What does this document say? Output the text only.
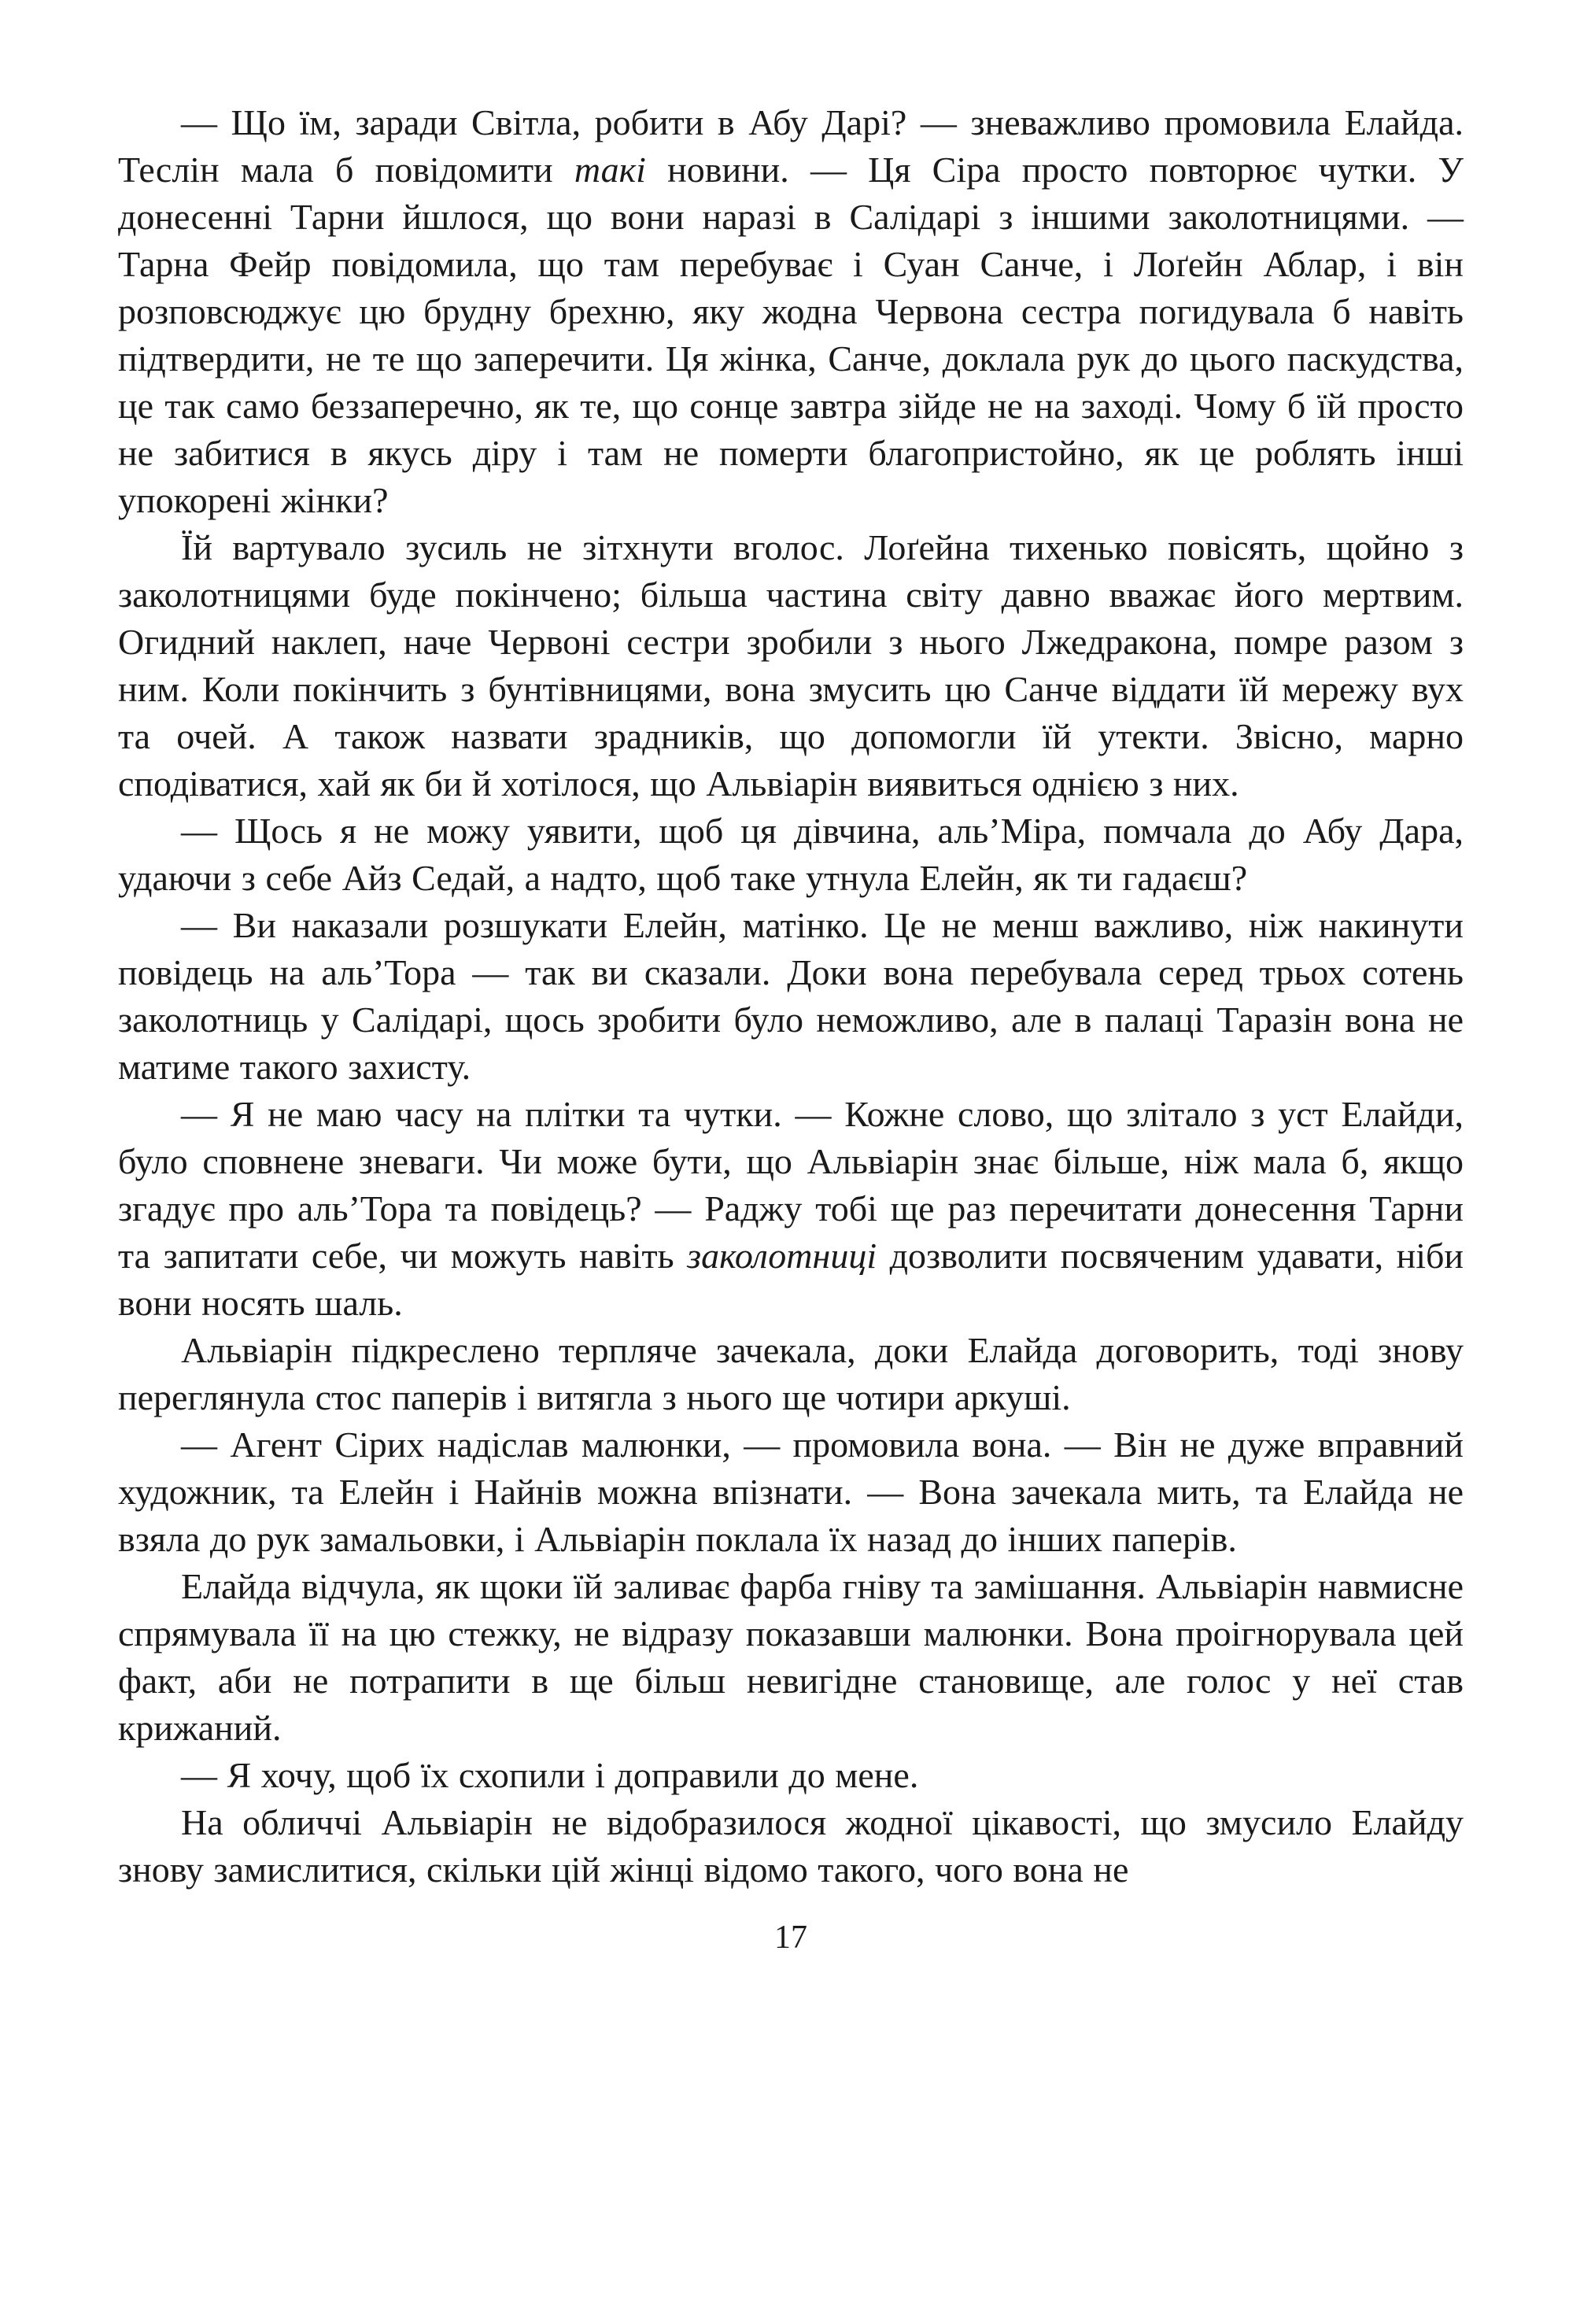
— Що їм, заради Світла, робити в Абу Дарі? — зневажливо промовила Елайда. Теслін мала б повідомити такі новини. — Ця Сіра просто повторює чутки. У донесенні Тарни йшлося, що вони наразі в Салідарі з іншими заколотницями. — Тарна Фейр повідомила, що там перебуває і Суан Санче, і Лоґейн Аблар, і він розповсюджує цю брудну брехню, яку жодна Червона сестра погидувала б навіть підтвердити, не те що заперечити. Ця жінка, Санче, доклала рук до цього паскудства, це так само беззаперечно, як те, що сонце завтра зійде не на заході. Чому б їй просто не забитися в якусь діру і там не померти благопристойно, як це роблять інші упокорені жінки?

Їй вартувало зусиль не зітхнути вголос. Лоґейна тихенько повісять, щойно з заколотницями буде покінчено; більша частина світу давно вважає його мертвим. Огидний наклеп, наче Червоні сестри зробили з нього Лжедракона, помре разом з ним. Коли покінчить з бунтівницями, вона змусить цю Санче віддати їй мережу вух та очей. А також назвати зрадників, що допомогли їй утекти. Звісно, марно сподіватися, хай як би й хотілося, що Альвіарін виявиться однією з них.

— Щось я не можу уявити, щоб ця дівчина, аль’Міра, помчала до Абу Дара, удаючи з себе Айз Седай, а надто, щоб таке утнула Елейн, як ти гадаєш?

— Ви наказали розшукати Елейн, матінко. Це не менш важливо, ніж накинути повідець на аль’Тора — так ви сказали. Доки вона перебувала серед трьох сотень заколотниць у Салідарі, щось зробити було неможливо, але в палаці Таразін вона не матиме такого захисту.

— Я не маю часу на плітки та чутки. — Кожне слово, що злітало з уст Елайди, було сповнене зневаги. Чи може бути, що Альвіарін знає більше, ніж мала б, якщо згадує про аль’Тора та повідець? — Раджу тобі ще раз перечитати донесення Тарни та запитати себе, чи можуть навіть заколотниці дозволити посвяченим удавати, ніби вони носять шаль.

Альвіарін підкреслено терпляче зачекала, доки Елайда договорить, тоді знову переглянула стос паперів і витягла з нього ще чотири аркуші.

— Агент Сірих надіслав малюнки, — промовила вона. — Він не дуже вправний художник, та Елейн і Найнів можна впізнати. — Вона зачекала мить, та Елайда не взяла до рук замальовки, і Альвіарін поклала їх назад до інших паперів.

Елайда відчула, як щоки їй заливає фарба гніву та замішання. Альвіарін навмисне спрямувала її на цю стежку, не відразу показавши малюнки. Вона проігнорувала цей факт, аби не потрапити в ще більш невигідне становище, але голос у неї став крижаний.

— Я хочу, щоб їх схопили і доправили до мене.

На обличчі Альвіарін не відобразилося жодної цікавості, що змусило Елайду знову замислитися, скільки цій жінці відомо такого, чого вона не

17
